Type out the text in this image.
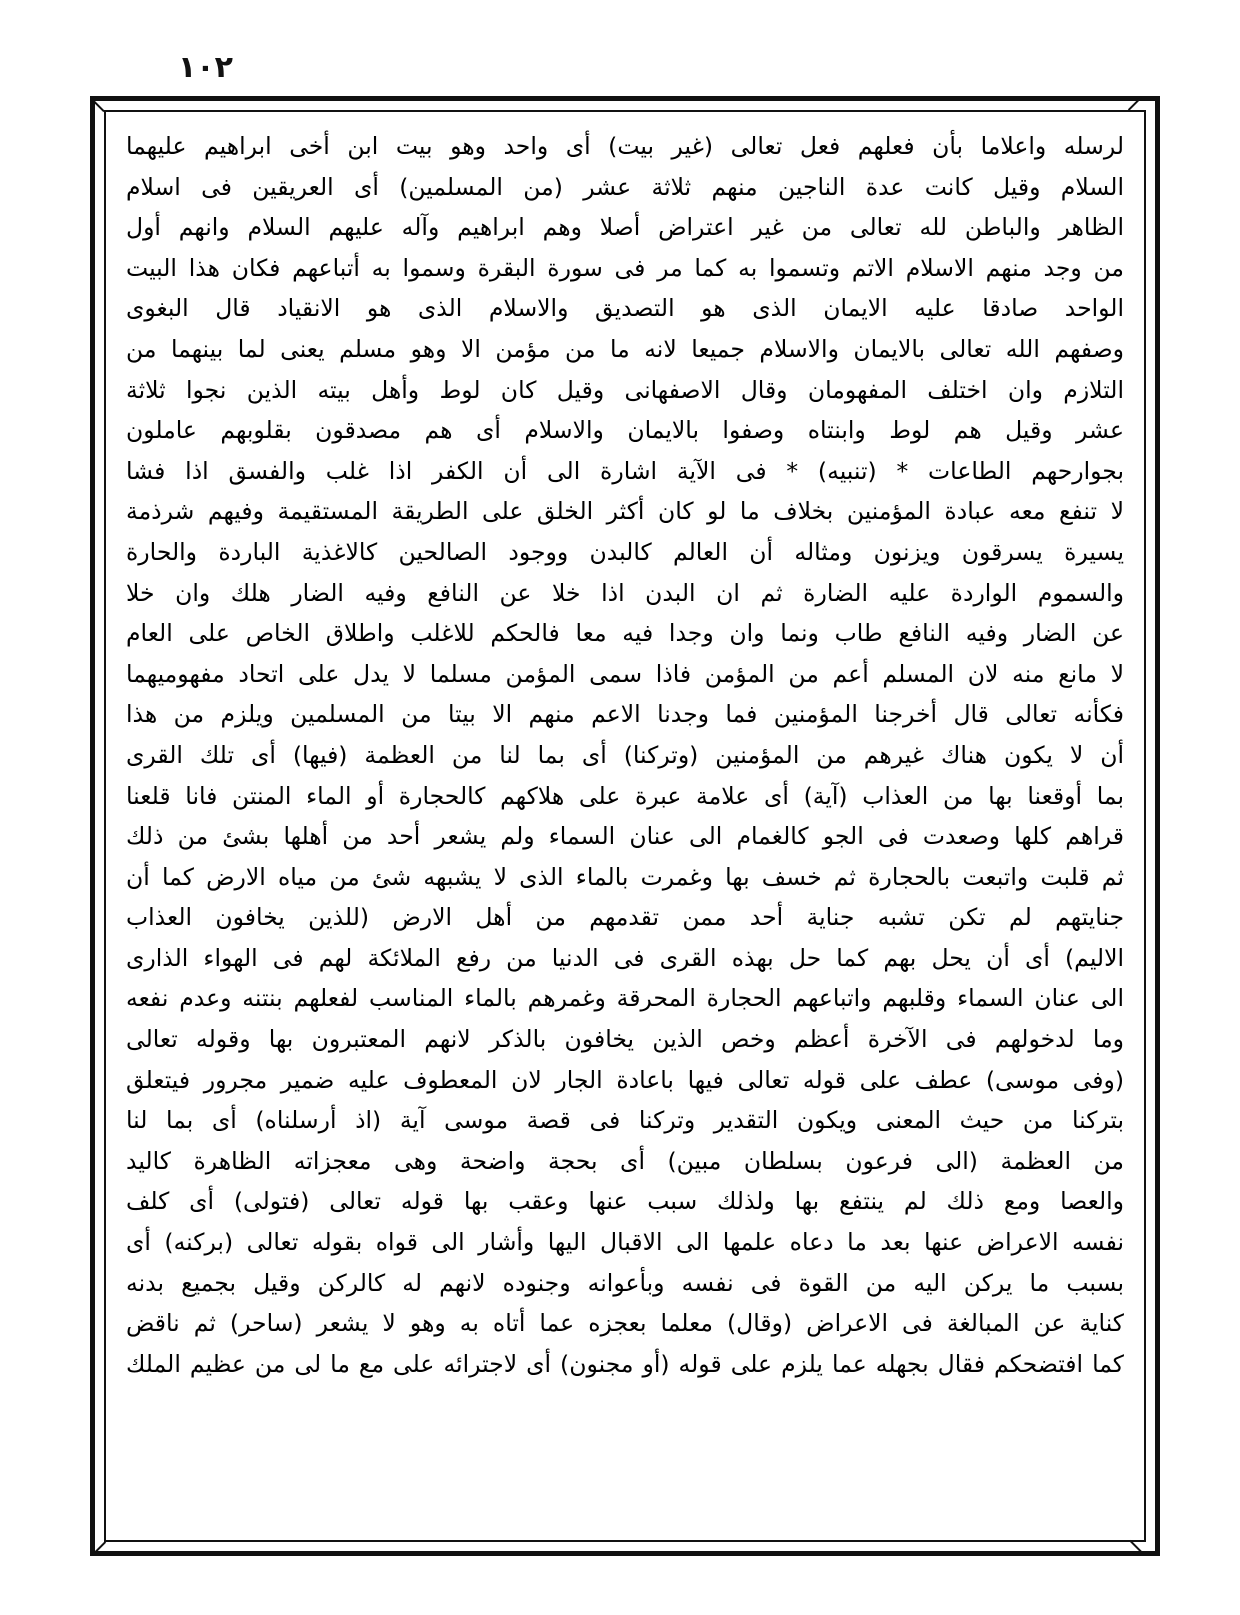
١٠٢
لرسله واعلاما بأن فعلهم فعل تعالى (غير بيت) أى واحد وهو بيت ابن أخى ابراهيم عليهما
السلام وقيل كانت عدة الناجين منهم ثلاثة عشر (من المسلمين) أى العريقين فى اسلام
الظاهر والباطن لله تعالى من غير اعتراض أصلا وهم ابراهيم وآله عليهم السلام وانهم أول
من وجد منهم الاسلام الاتم وتسموا به كما مر فى سورة البقرة وسموا به أتباعهم فكان هذا البيت
الواحد صادقا عليه الايمان الذى هو التصديق والاسلام الذى هو الانقياد قال البغوى
وصفهم الله تعالى بالايمان والاسلام جميعا لانه ما من مؤمن الا وهو مسلم يعنى لما بينهما من
التلازم وان اختلف المفهومان وقال الاصفهانى وقيل كان لوط وأهل بيته الذين نجوا ثلاثة
عشر وقيل هم لوط وابنتاه وصفوا بالايمان والاسلام أى هم مصدقون بقلوبهم عاملون
بجوارحهم الطاعات * (تنبيه) * فى الآية اشارة الى أن الكفر اذا غلب والفسق اذا فشا
لا تنفع معه عبادة المؤمنين بخلاف ما لو كان أكثر الخلق على الطريقة المستقيمة وفيهم شرذمة
يسيرة يسرقون ويزنون ومثاله أن العالم كالبدن ووجود الصالحين كالاغذية الباردة والحارة
والسموم الواردة عليه الضارة ثم ان البدن اذا خلا عن النافع وفيه الضار هلك وان خلا
عن الضار وفيه النافع طاب ونما وان وجدا فيه معا فالحكم للاغلب واطلاق الخاص على العام
لا مانع منه لان المسلم أعم من المؤمن فاذا سمى المؤمن مسلما لا يدل على اتحاد مفهوميهما
فكأنه تعالى قال أخرجنا المؤمنين فما وجدنا الاعم منهم الا بيتا من المسلمين ويلزم من هذا
أن لا يكون هناك غيرهم من المؤمنين (وتركنا) أى بما لنا من العظمة (فيها) أى تلك القرى
بما أوقعنا بها من العذاب (آية) أى علامة عبرة على هلاكهم كالحجارة أو الماء المنتن فانا قلعنا
قراهم كلها وصعدت فى الجو كالغمام الى عنان السماء ولم يشعر أحد من أهلها بشئ من ذلك
ثم قلبت واتبعت بالحجارة ثم خسف بها وغمرت بالماء الذى لا يشبهه شئ من مياه الارض كما أن
جنايتهم لم تكن تشبه جناية أحد ممن تقدمهم من أهل الارض (للذين يخافون العذاب
الاليم) أى أن يحل بهم كما حل بهذه القرى فى الدنيا من رفع الملائكة لهم فى الهواء الذارى
الى عنان السماء وقلبهم واتباعهم الحجارة المحرقة وغمرهم بالماء المناسب لفعلهم بنتنه وعدم نفعه
وما لدخولهم فى الآخرة أعظم وخص الذين يخافون بالذكر لانهم المعتبرون بها وقوله تعالى
(وفى موسى) عطف على قوله تعالى فيها باعادة الجار لان المعطوف عليه ضمير مجرور فيتعلق
بتركنا من حيث المعنى ويكون التقدير وتركنا فى قصة موسى آية (اذ أرسلناه) أى بما لنا
من العظمة (الى فرعون بسلطان مبين) أى بحجة واضحة وهى معجزاته الظاهرة كاليد
والعصا ومع ذلك لم ينتفع بها ولذلك سبب عنها وعقب بها قوله تعالى (فتولى) أى كلف
نفسه الاعراض عنها بعد ما دعاه علمها الى الاقبال اليها وأشار الى قواه بقوله تعالى (بركنه) أى
بسبب ما يركن اليه من القوة فى نفسه وبأعوانه وجنوده لانهم له كالركن وقيل بجميع بدنه
كناية عن المبالغة فى الاعراض (وقال) معلما بعجزه عما أتاه به وهو لا يشعر (ساحر) ثم ناقض
كما افتضحكم فقال بجهله عما يلزم على قوله (أو مجنون) أى لاجترائه على مع ما لى من عظيم الملك
